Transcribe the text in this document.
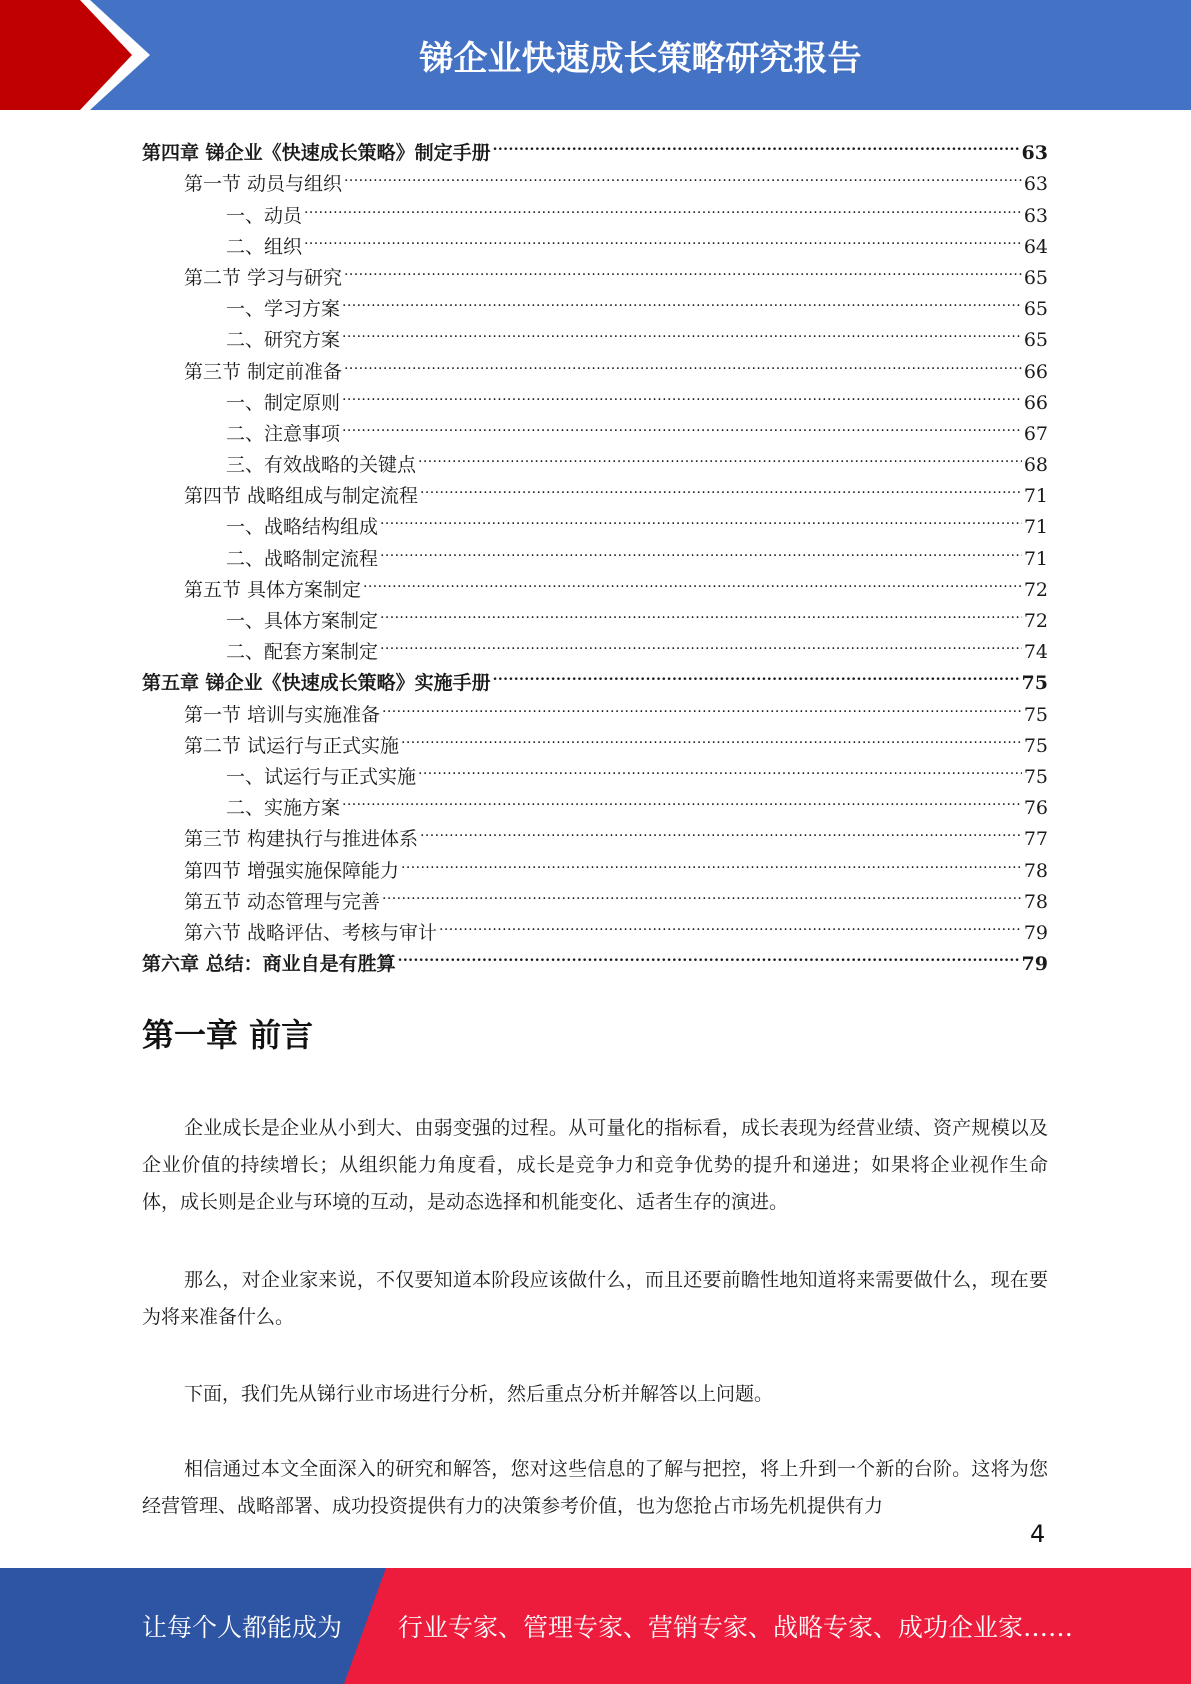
锑企业快速成长策略研究报告
第四章 锑企业《快速成长策略》制定手册 .....	63
第一节 动员与组织 .....	63
一、动员 .....	63
二、组织 .....	64
第二节 学习与研究 .....	65
一、学习方案 .....	65
二、研究方案 .....	65
第三节 制定前准备 .....	66
一、制定原则 .....	66
二、注意事项 .....	67
三、有效战略的关键点 .....	68
第四节 战略组成与制定流程 .....	71
一、战略结构组成 .....	71
二、战略制定流程 .....	71
第五节 具体方案制定 .....	72
一、具体方案制定 .....	72
二、配套方案制定 .....	74
第五章 锑企业《快速成长策略》实施手册 .....	75
第一节 培训与实施准备 .....	75
第二节 试运行与正式实施 .....	75
一、试运行与正式实施 .....	75
二、实施方案 .....	76
第三节 构建执行与推进体系 .....	77
第四节 增强实施保障能力 .....	78
第五节 动态管理与完善 .....	78
第六节 战略评估、考核与审计 .....	79
第六章 总结：商业自是有胜算 .....	79
第一章 前言

企业成长是企业从小到大、由弱变强的过程。从可量化的指标看，成长表现为经营业绩、资产规模以及企业价值的持续增长；从组织能力角度看，成长是竞争力和竞争优势的提升和递进；如果将企业视作生命体，成长则是企业与环境的互动，是动态选择和机能变化、适者生存的演进。

那么，对企业家来说，不仅要知道本阶段应该做什么，而且还要前瞻性地知道将来需要做什么，现在要为将来准备什么。

下面，我们先从锑行业市场进行分析，然后重点分析并解答以上问题。

相信通过本文全面深入的研究和解答，您对这些信息的了解与把控，将上升到一个新的台阶。这将为您经营管理、战略部署、成功投资提供有力的决策参考价值，也为您抢占市场先机提供有力

4
让每个人都能成为 行业专家、管理专家、营销专家、战略专家、成功企业家……
